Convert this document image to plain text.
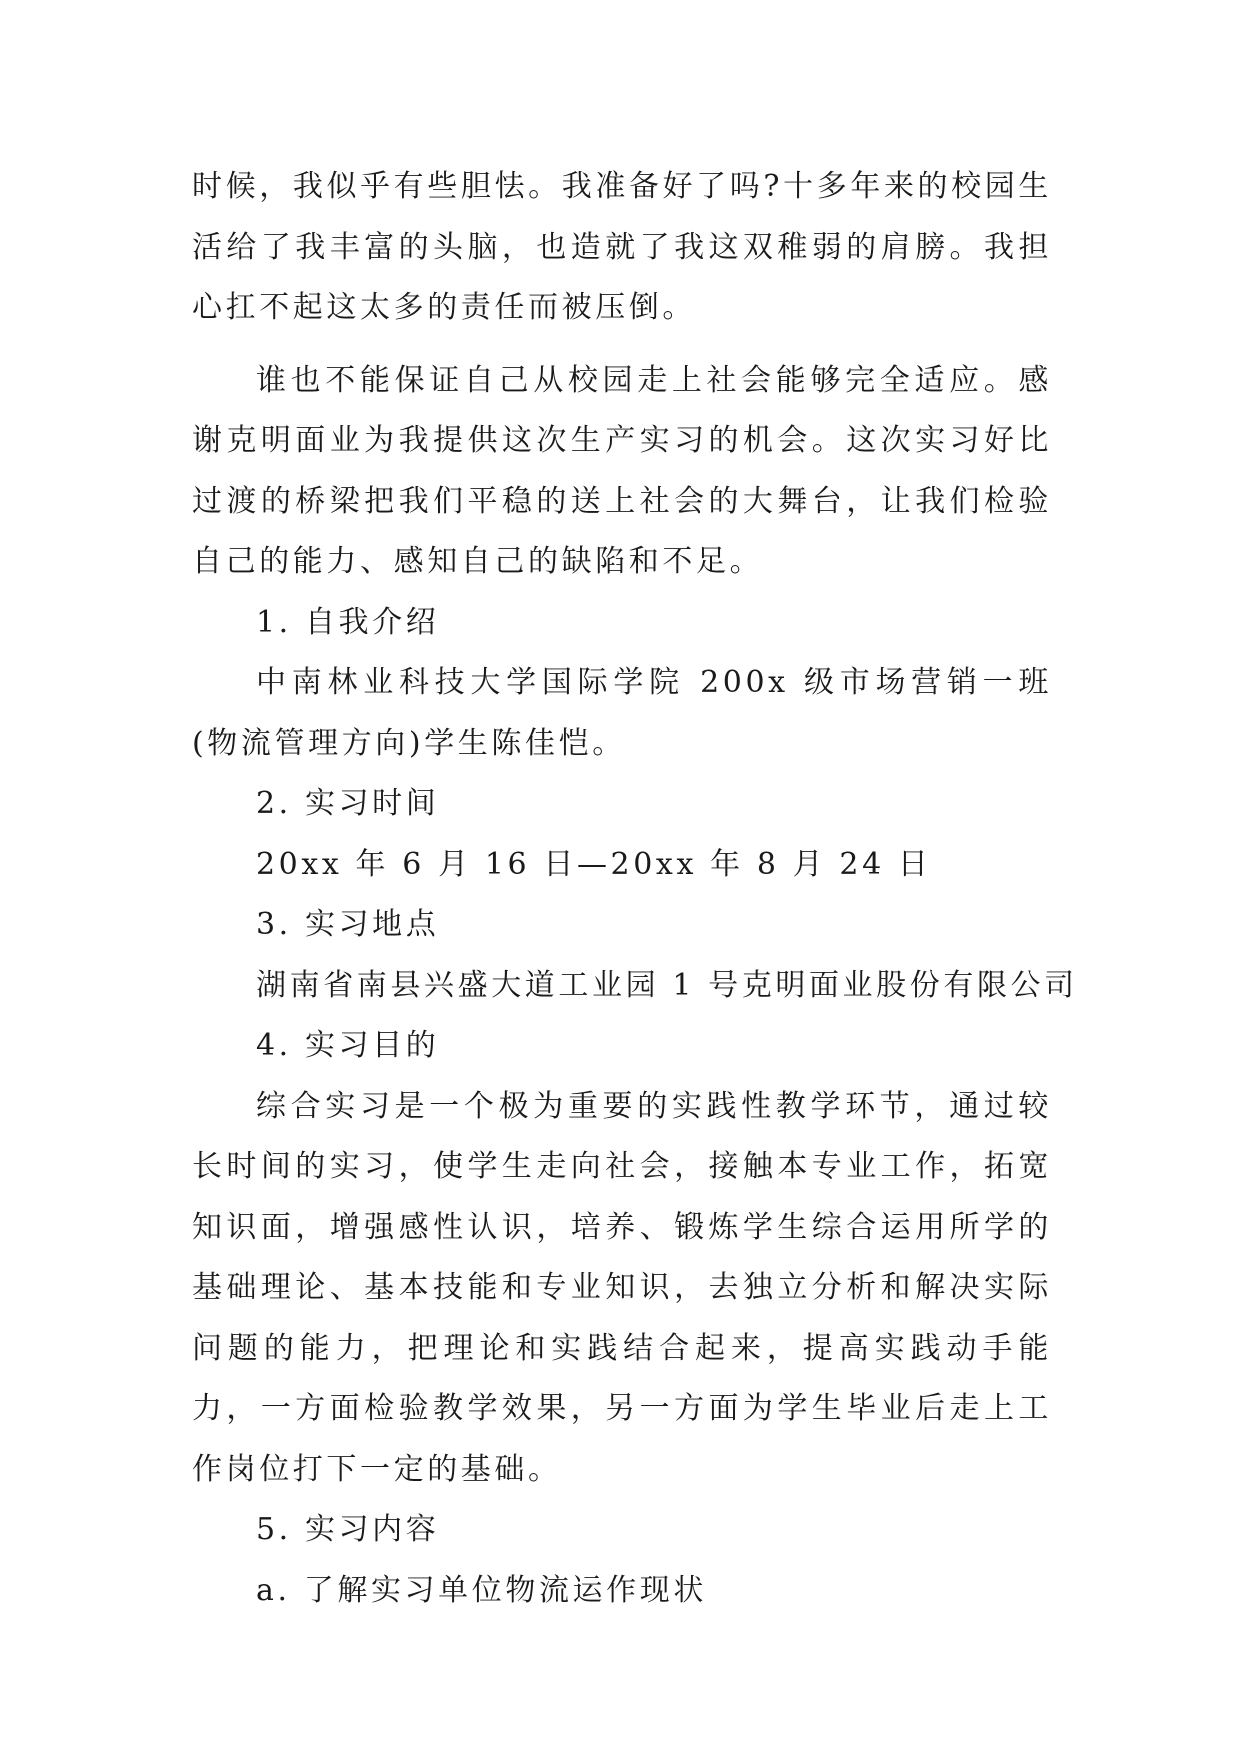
时候，我似乎有些胆怯。我准备好了吗?十多年来的校园生活给了我丰富的头脑，也造就了我这双稚弱的肩膀。我担心扛不起这太多的责任而被压倒。

谁也不能保证自己从校园走上社会能够完全适应。感谢克明面业为我提供这次生产实习的机会。这次实习好比过渡的桥梁把我们平稳的送上社会的大舞台，让我们检验自己的能力、感知自己的缺陷和不足。

1. 自我介绍

中南林业科技大学国际学院 200x 级市场营销一班(物流管理方向)学生陈佳恺。

2. 实习时间

20xx 年 6 月 16 日—20xx 年 8 月 24 日

3. 实习地点

湖南省南县兴盛大道工业园 1 号克明面业股份有限公司

4. 实习目的

综合实习是一个极为重要的实践性教学环节，通过较长时间的实习，使学生走向社会，接触本专业工作，拓宽知识面，增强感性认识，培养、锻炼学生综合运用所学的基础理论、基本技能和专业知识，去独立分析和解决实际问题的能力，把理论和实践结合起来，提高实践动手能力，一方面检验教学效果，另一方面为学生毕业后走上工作岗位打下一定的基础。

5. 实习内容

a. 了解实习单位物流运作现状
